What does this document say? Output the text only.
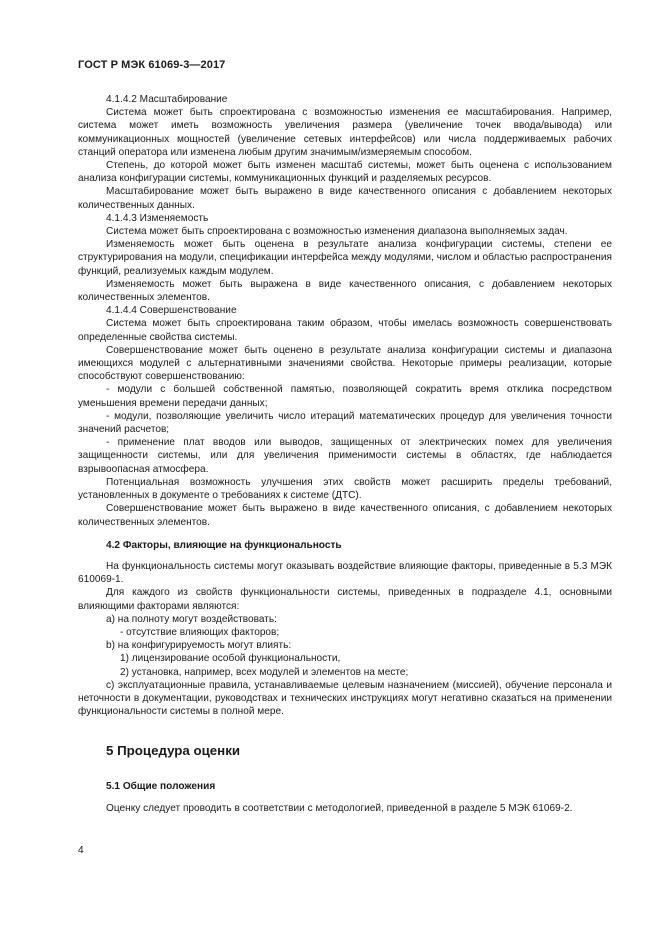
ГОСТ Р МЭК 61069-3—2017
4.1.4.2 Масштабирование
Система может быть спроектирована с возможностью изменения ее масштабирования. Например, система может иметь возможность увеличения размера (увеличение точек ввода/вывода) или коммуникационных мощностей (увеличение сетевых интерфейсов) или числа поддерживаемых рабочих станций оператора или изменена любым другим значимым/измеряемым способом.
Степень, до которой может быть изменен масштаб системы, может быть оценена с использованием анализа конфигурации системы, коммуникационных функций и разделяемых ресурсов.
Масштабирование может быть выражено в виде качественного описания с добавлением некоторых количественных данных.
4.1.4.3 Изменяемость
Система может быть спроектирована с возможностью изменения диапазона выполняемых задач.
Изменяемость может быть оценена в результате анализа конфигурации системы, степени ее структурирования на модули, спецификации интерфейса между модулями, числом и областью распространения функций, реализуемых каждым модулем.
Изменяемость может быть выражена в виде качественного описания, с добавлением некоторых количественных элементов.
4.1.4.4 Совершенствование
Система может быть спроектирована таким образом, чтобы имелась возможность совершенствовать определенные свойства системы.
Совершенствование может быть оценено в результате анализа конфигурации системы и диапазона имеющихся модулей с альтернативными значениями свойства. Некоторые примеры реализации, которые способствуют совершенствованию:
- модули с большей собственной памятью, позволяющей сократить время отклика посредством уменьшения времени передачи данных;
- модули, позволяющие увеличить число итераций математических процедур для увеличения точности значений расчетов;
- применение плат вводов или выводов, защищенных от электрических помех для увеличения защищенности системы, или для увеличения применимости системы в областях, где наблюдается взрывоопасная атмосфера.
Потенциальная возможность улучшения этих свойств может расширить пределы требований, установленных в документе о требованиях к системе (ДТС).
Совершенствование может быть выражено в виде качественного описания, с добавлением некоторых количественных элементов.
4.2 Факторы, влияющие на функциональность
На функциональность системы могут оказывать воздействие влияющие факторы, приведенные в 5.3 МЭК 610069-1.
Для каждого из свойств функциональности системы, приведенных в подразделе 4.1, основными влияющими факторами являются:
а) на полноту могут воздействовать:
- отсутствие влияющих факторов;
b) на конфигурируемость могут влиять:
1) лицензирование особой функциональности,
2) установка, например, всех модулей и элементов на месте;
с) эксплуатационные правила, устанавливаемые целевым назначением (миссией), обучение персонала и неточности в документации, руководствах и технических инструкциях могут негативно сказаться на применении функциональности системы в полной мере.
5 Процедура оценки
5.1 Общие положения
Оценку следует проводить в соответствии с методологией, приведенной в разделе 5 МЭК 61069-2.
4
